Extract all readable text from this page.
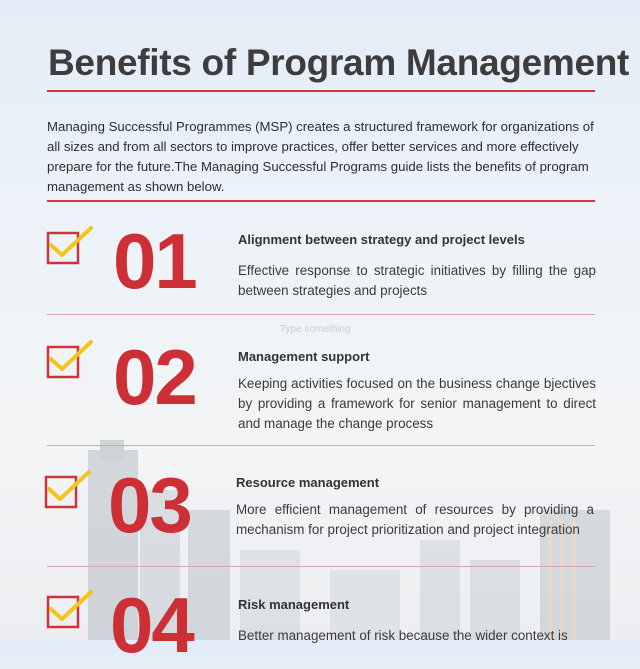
Benefits of Program Management

Managing Successful Programmes (MSP) creates a structured framework for organizations of all sizes and from all sectors to improve practices, offer better services and more effectively prepare for the future.The Managing Successful Programs guide lists the benefits of program management as shown below.

Type something
01	Alignment between strategy and project levels

Effective response to strategic initiatives by filling the gap between strategies and projects

02	Management support

Keeping activities focused on the business change bjectives by providing a framework for senior management to direct and manage the change process

03	Resource management

More efficient management of resources by providing a mechanism for project prioritization and project integration

04	Risk management

Better management of risk because the wider context is
